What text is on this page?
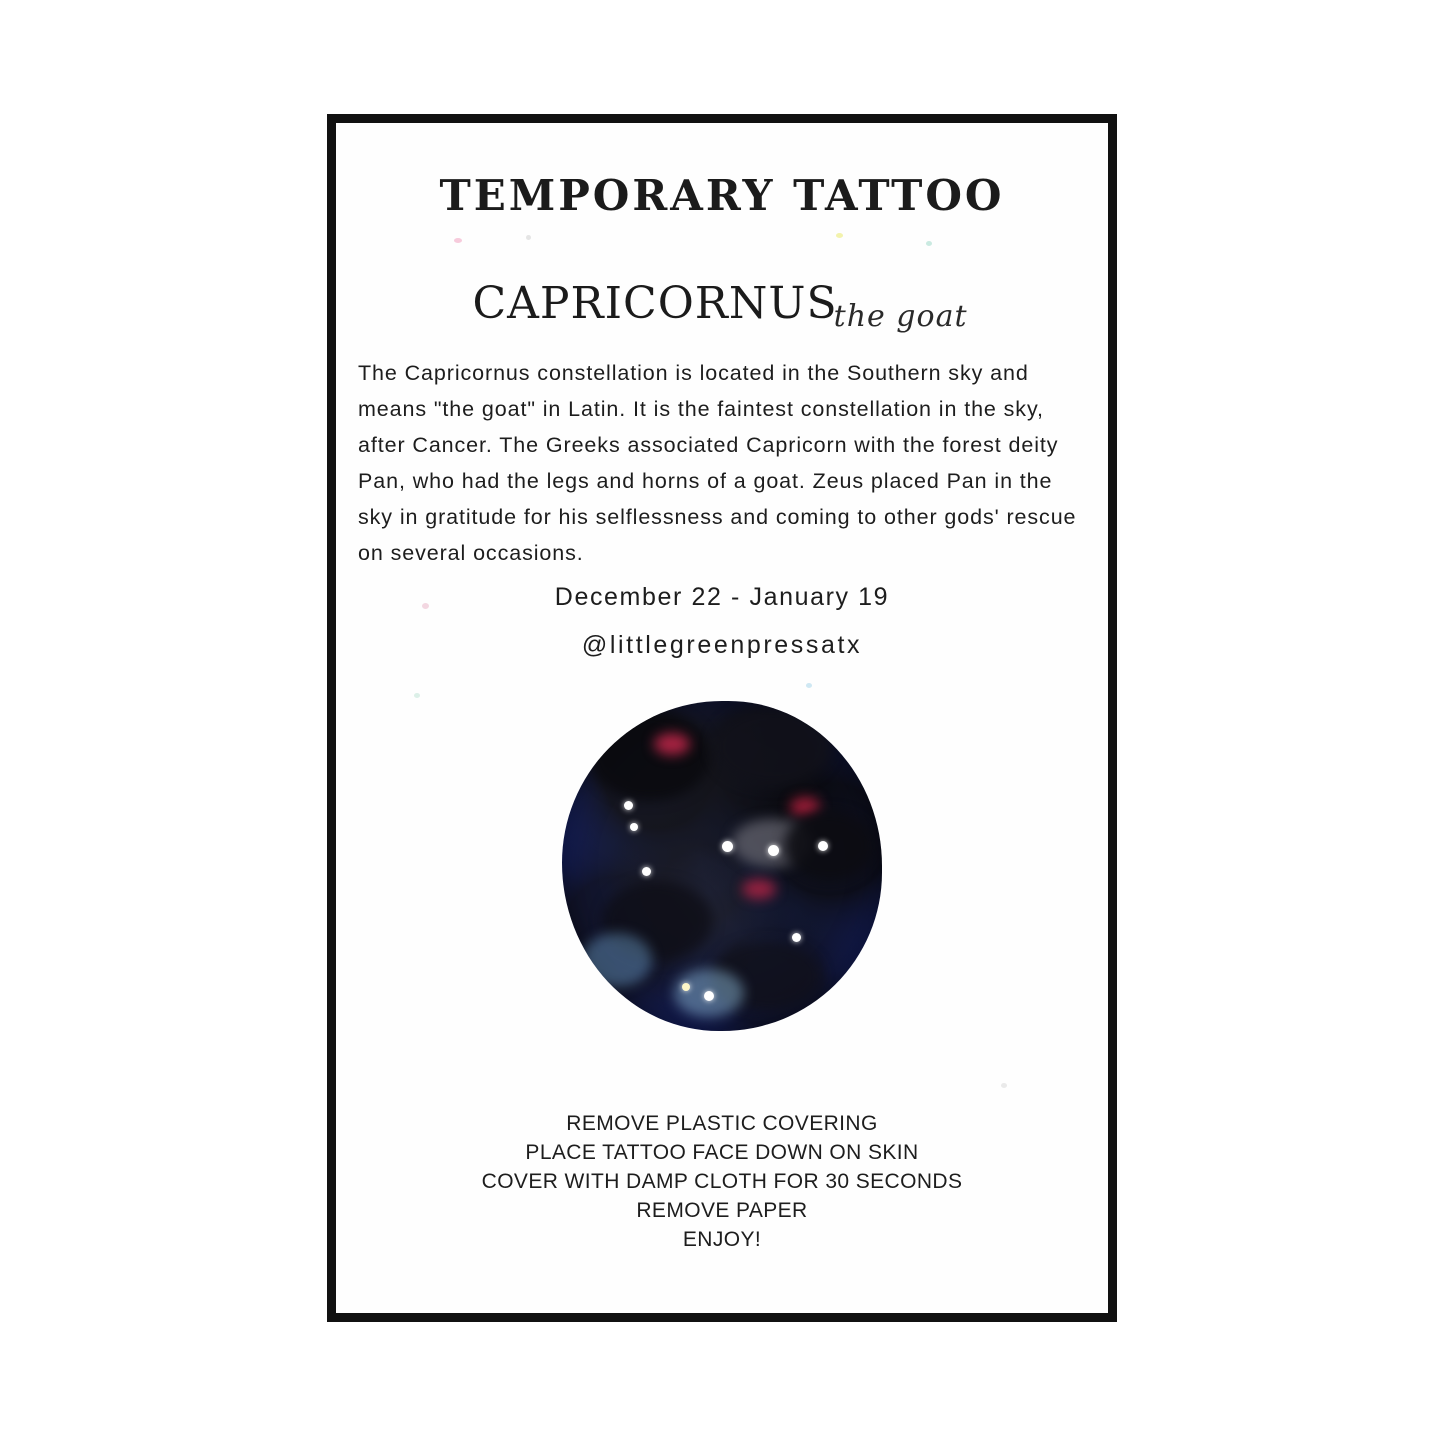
TEMPORARY TATTOO
CAPRICORNUSthe goat
The Capricornus constellation is located in the Southern sky and means "the goat" in Latin. It is the faintest constellation in the sky, after Cancer. The Greeks associated Capricorn with the forest deity Pan, who had the legs and horns of a goat. Zeus placed Pan in the sky in gratitude for his selflessness and coming to other gods' rescue on several occasions.
December 22 - January 19
@littlegreenpressatx
REMOVE PLASTIC COVERING
PLACE TATTOO FACE DOWN ON SKIN
COVER WITH DAMP CLOTH FOR 30 SECONDS
REMOVE PAPER
ENJOY!
